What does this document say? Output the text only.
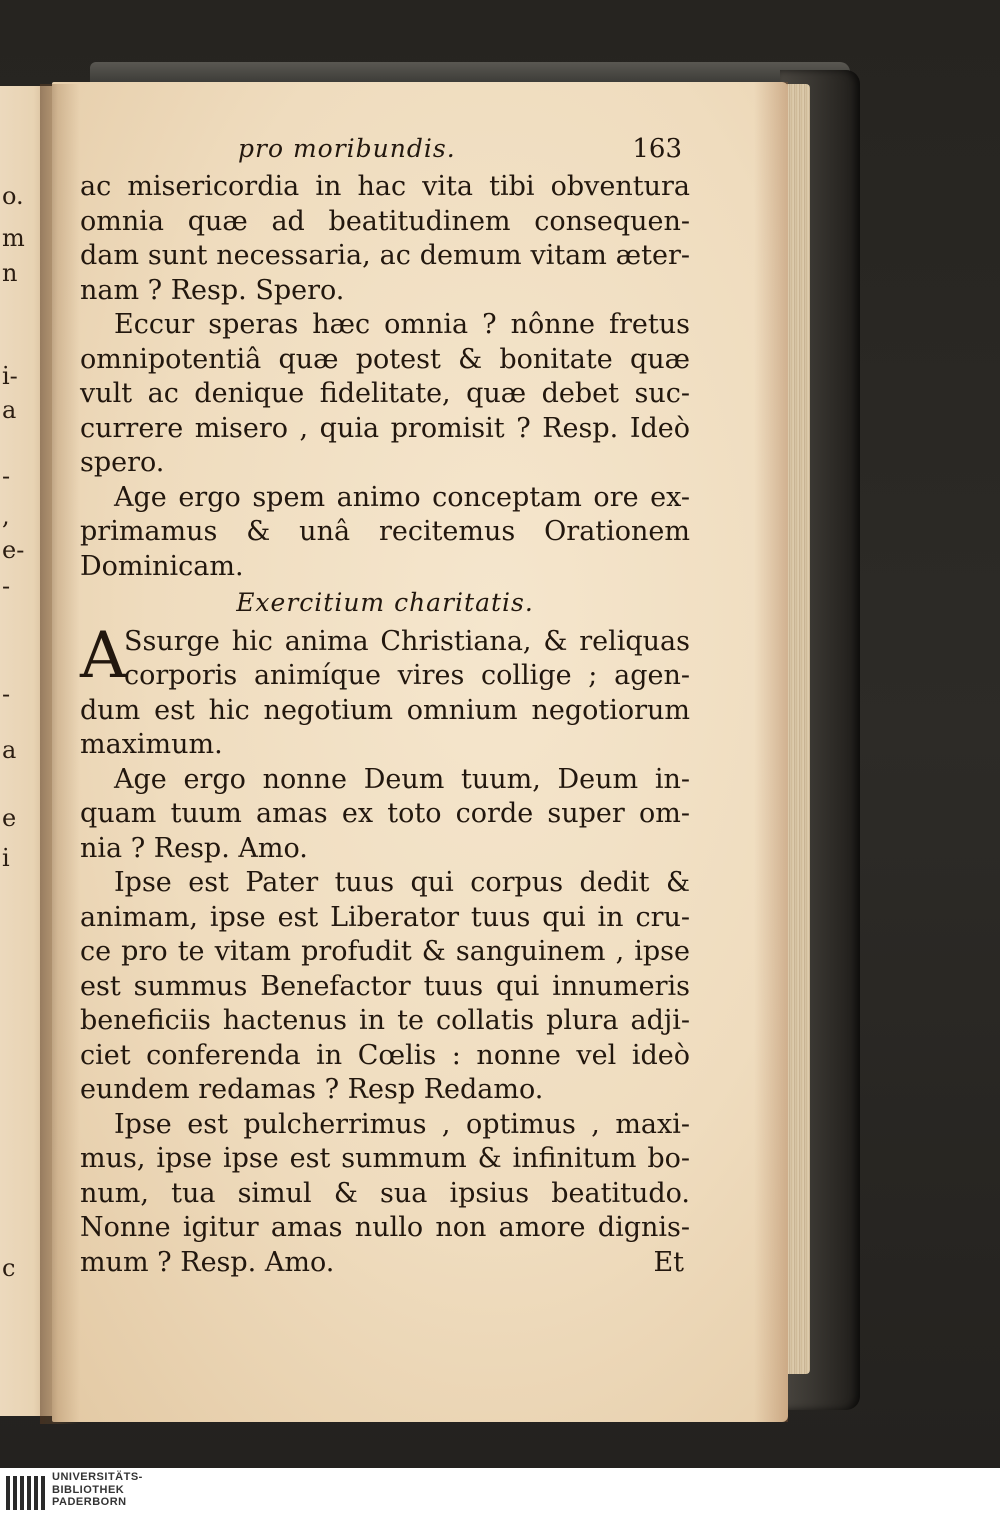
o.
m
n
i-
a
-
,
e-
-
-
a
e
i
c
pro moribundis.	163
ac misericordia in hac vita tibi obventura
omnia quæ ad beatitudinem consequen-
dam sunt necessaria, ac demum vitam æter-
nam ? Resp. Spero.
Eccur speras hæc omnia ? nônne fretus
omnipotentiâ quæ potest & bonitate quæ
vult ac denique fidelitate, quæ debet suc-
currere misero , quia promisit ? Resp. Ideò
spero.
Age ergo spem animo conceptam ore ex-
primamus & unâ recitemus Orationem
Dominicam.
Exercitium charitatis.
A
Ssurge hic anima Christiana, & reliquas
corporis animíque vires collige ; agen-
dum est hic negotium omnium negotiorum
maximum.
Age ergo nonne Deum tuum, Deum in-
quam tuum amas ex toto corde super om-
nia ? Resp. Amo.
Ipse est Pater tuus qui corpus dedit &
animam, ipse est Liberator tuus qui in cru-
ce pro te vitam profudit & sanguinem , ipse
est summus Benefactor tuus qui innumeris
beneficiis hactenus in te collatis plura adji-
ciet conferenda in Cœlis : nonne vel ideò
eundem redamas ? Resp Redamo.
Ipse est pulcherrimus , optimus , maxi-
mus, ipse ipse est summum & infinitum bo-
num, tua simul & sua ipsius beatitudo.
Nonne igitur amas nullo non amore dignis-
mum ? Resp. Amo.	Et
UNIVERSITÄTS-
BIBLIOTHEK
PADERBORN
